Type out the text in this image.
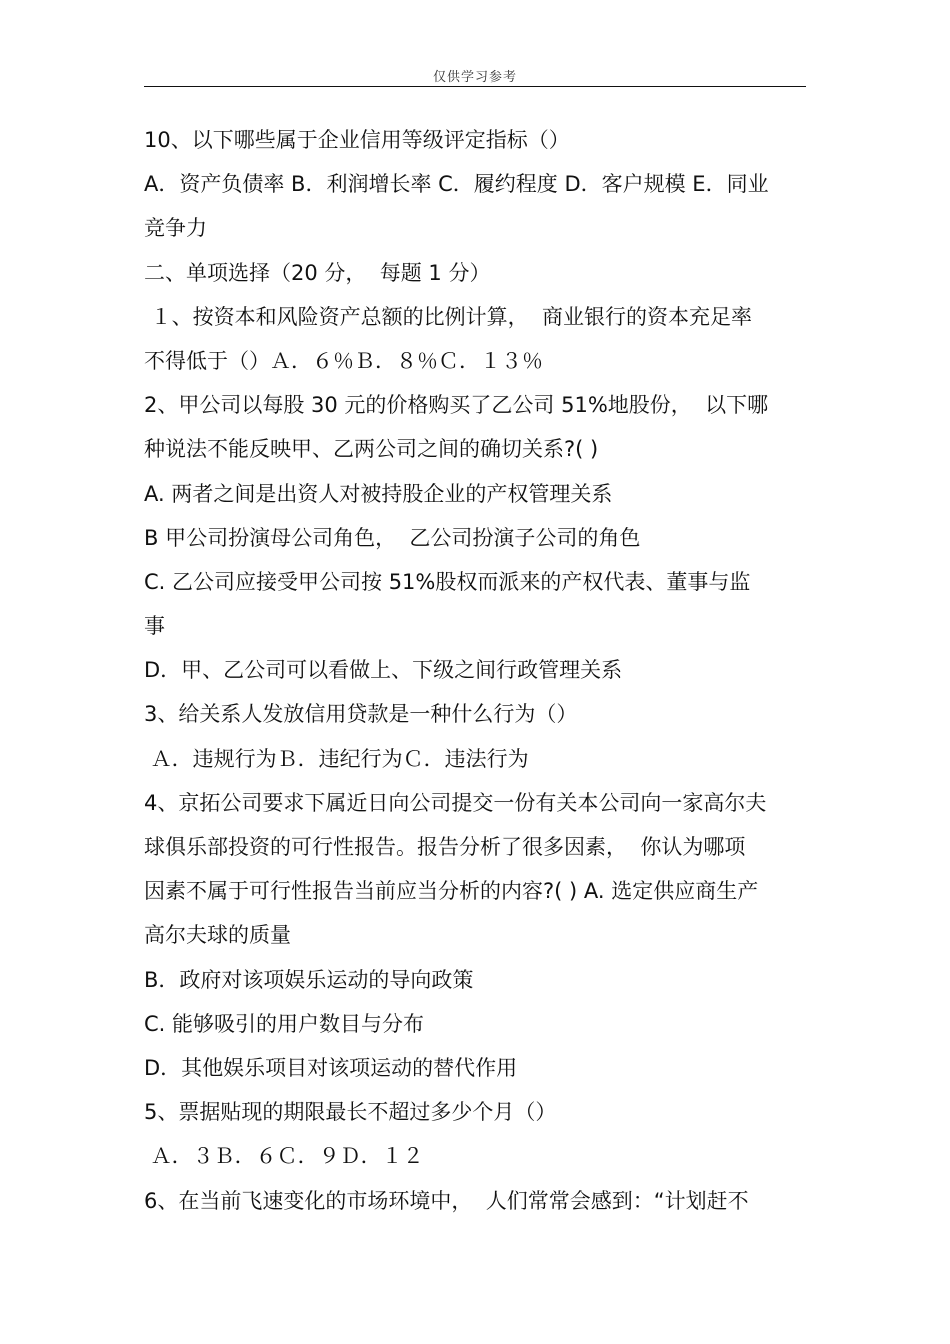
仅供学习参考
10、以下哪些属于企业信用等级评定指标（）
A．资产负债率 B．利润增长率 C．履约程度 D．客户规模 E．同业
竞争力
二、单项选择（20 分，  每题 1 分）
１、按资本和风险资产总额的比例计算，  商业银行的资本充足率
不得低于（）Ａ．６％Ｂ．８％Ｃ．１３％
2、甲公司以每股 30 元的价格购买了乙公司 51%地股份，  以下哪
种说法不能反映甲、乙两公司之间的确切关系?( )
A. 两者之间是出资人对被持股企业的产权管理关系
B 甲公司扮演母公司角色，  乙公司扮演子公司的角色
C. 乙公司应接受甲公司按 51%股权而派来的产权代表、董事与监
事
D．甲、乙公司可以看做上、下级之间行政管理关系
3、给关系人发放信用贷款是一种什么行为（）
Ａ．违规行为Ｂ．违纪行为Ｃ．违法行为
4、京拓公司要求下属近日向公司提交一份有关本公司向一家高尔夫
球俱乐部投资的可行性报告。报告分析了很多因素，  你认为哪项
因素不属于可行性报告当前应当分析的内容?( ) A. 选定供应商生产
高尔夫球的质量
B．政府对该项娱乐运动的导向政策
C. 能够吸引的用户数目与分布
D．其他娱乐项目对该项运动的替代作用
5、票据贴现的期限最长不超过多少个月（）
Ａ．３Ｂ．６Ｃ．９Ｄ．１２
6、在当前飞速变化的市场环境中，  人们常常会感到：“计划赶不
